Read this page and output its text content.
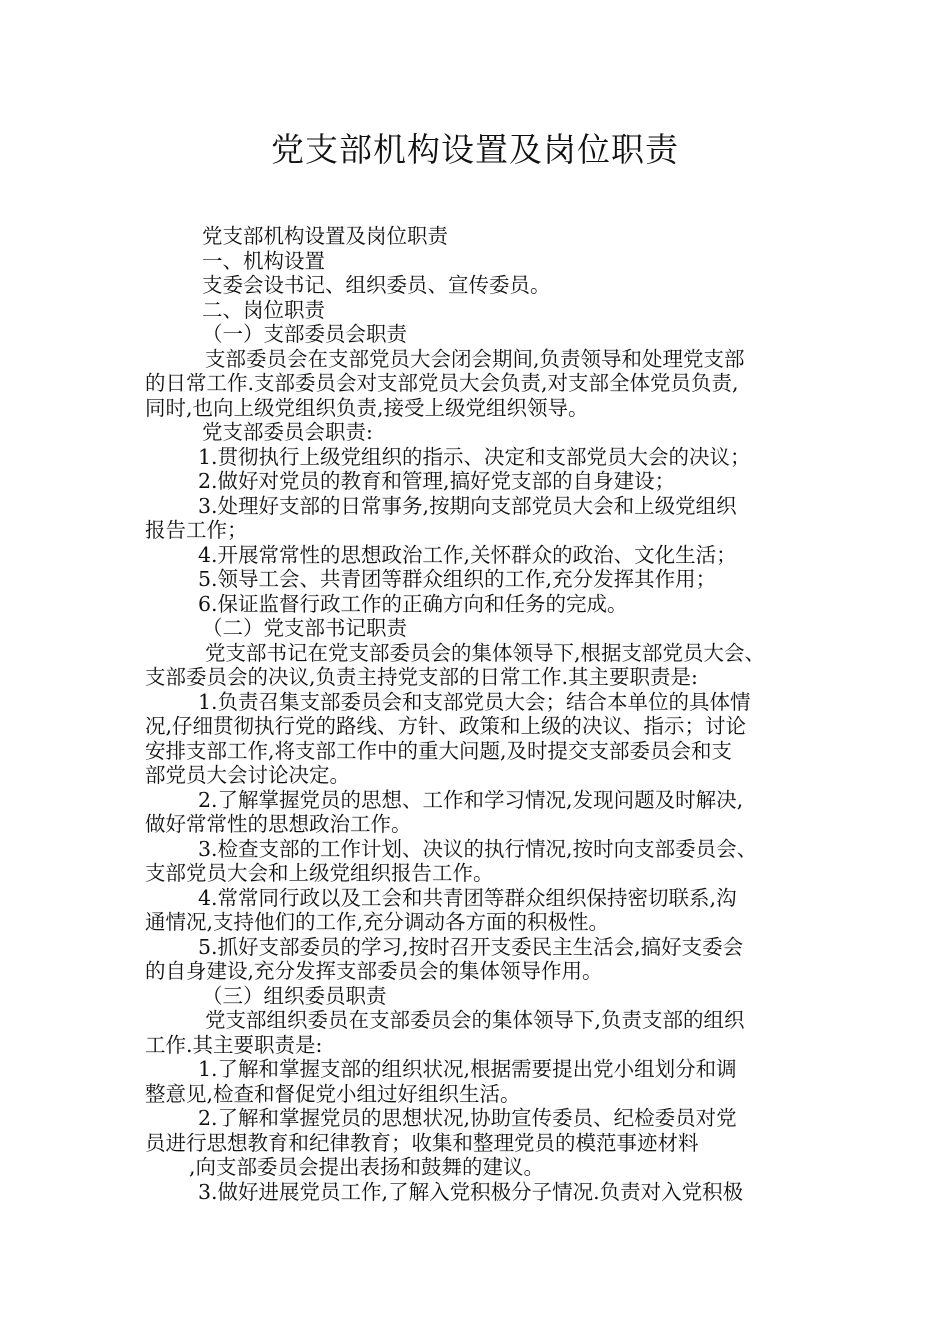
党支部机构设置及岗位职责
党支部机构设置及岗位职责
一、机构设置
支委会设书记、组织委员、宣传委员。
二、岗位职责
（一）支部委员会职责
支部委员会在支部党员大会闭会期间,负责领导和处理党支部
的日常工作.支部委员会对支部党员大会负责,对支部全体党员负责,
同时,也向上级党组织负责,接受上级党组织领导。
党支部委员会职责:
1.贯彻执行上级党组织的指示、决定和支部党员大会的决议；
2.做好对党员的教育和管理,搞好党支部的自身建设；
3.处理好支部的日常事务,按期向支部党员大会和上级党组织
报告工作；
4.开展常常性的思想政治工作,关怀群众的政治、文化生活；
5.领导工会、共青团等群众组织的工作,充分发挥其作用；
6.保证监督行政工作的正确方向和任务的完成。
（二）党支部书记职责
党支部书记在党支部委员会的集体领导下,根据支部党员大会、
支部委员会的决议,负责主持党支部的日常工作.其主要职责是:
1.负责召集支部委员会和支部党员大会；结合本单位的具体情
况,仔细贯彻执行党的路线、方针、政策和上级的决议、指示；讨论
安排支部工作,将支部工作中的重大问题,及时提交支部委员会和支
部党员大会讨论决定。
2.了解掌握党员的思想、工作和学习情况,发现问题及时解决,
做好常常性的思想政治工作。
3.检查支部的工作计划、决议的执行情况,按时向支部委员会、
支部党员大会和上级党组织报告工作。
4.常常同行政以及工会和共青团等群众组织保持密切联系,沟
通情况,支持他们的工作,充分调动各方面的积极性。
5.抓好支部委员的学习,按时召开支委民主生活会,搞好支委会
的自身建设,充分发挥支部委员会的集体领导作用。
（三）组织委员职责
党支部组织委员在支部委员会的集体领导下,负责支部的组织
工作.其主要职责是:
1.了解和掌握支部的组织状况,根据需要提出党小组划分和调
整意见,检查和督促党小组过好组织生活。
2.了解和掌握党员的思想状况,协助宣传委员、纪检委员对党
员进行思想教育和纪律教育；收集和整理党员的模范事迹材料
,向支部委员会提出表扬和鼓舞的建议。
3.做好进展党员工作,了解入党积极分子情况.负责对入党积极
